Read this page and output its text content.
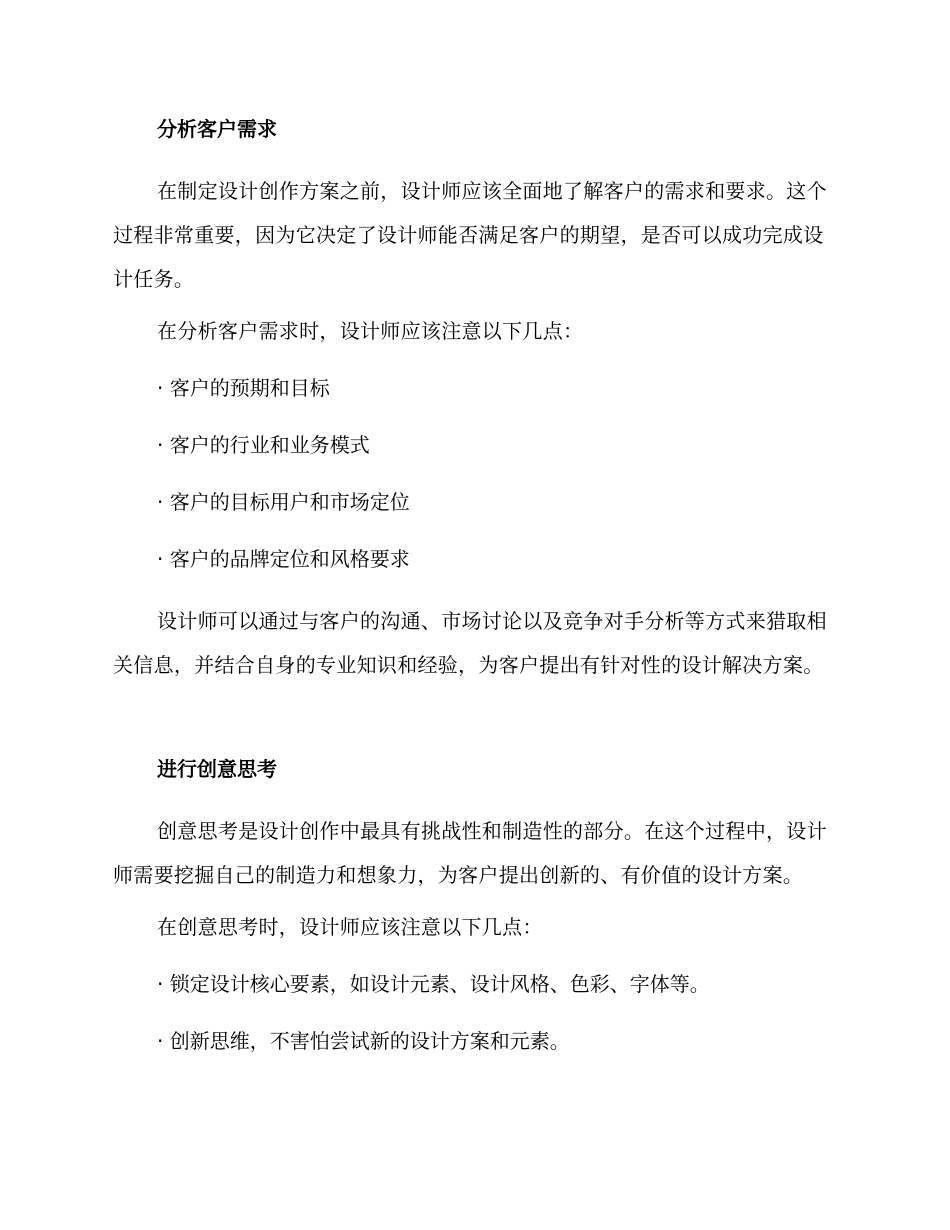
分析客户需求
在制定设计创作方案之前，设计师应该全面地了解客户的需求和要求。这个过程非常重要，因为它决定了设计师能否满足客户的期望，是否可以成功完成设计任务。
在分析客户需求时，设计师应该注意以下几点：
· 客户的预期和目标
· 客户的行业和业务模式
· 客户的目标用户和市场定位
· 客户的品牌定位和风格要求
设计师可以通过与客户的沟通、市场讨论以及竞争对手分析等方式来猎取相关信息，并结合自身的专业知识和经验，为客户提出有针对性的设计解决方案。
进行创意思考
创意思考是设计创作中最具有挑战性和制造性的部分。在这个过程中，设计师需要挖掘自己的制造力和想象力，为客户提出创新的、有价值的设计方案。
在创意思考时，设计师应该注意以下几点：
· 锁定设计核心要素，如设计元素、设计风格、色彩、字体等。
· 创新思维，不害怕尝试新的设计方案和元素。
